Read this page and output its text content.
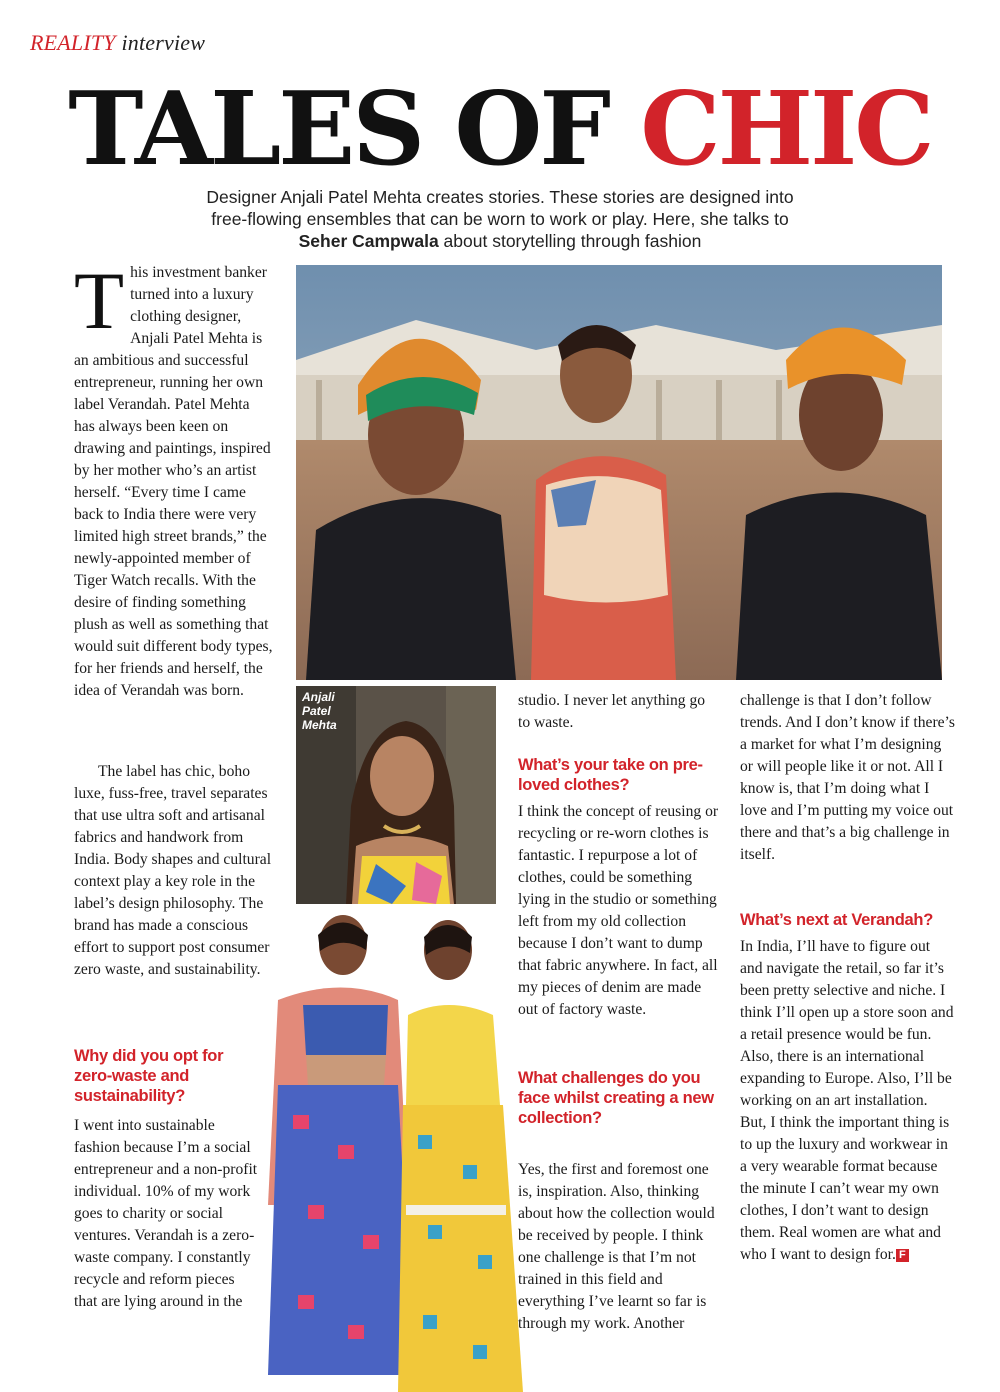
REALITY interview
TALES OF CHIC

Designer Anjali Patel Mehta creates stories. These stories are designed into
free-flowing ensembles that can be worn to work or play. Here, she talks to
Seher Campwala about storytelling through fashion

Anjali
Patel
Mehta
This investment banker turned into a luxury clothing designer, Anjali Patel Mehta is an ambitious and successful entrepreneur, running her own label Verandah. Patel Mehta has always been keen on drawing and paintings, inspired by her mother who’s an artist herself. “Every time I came back to India there were very limited high street brands,” the newly-appointed member of Tiger Watch recalls. With the desire of finding something plush as well as something that would suit different body types, for her friends and herself, the idea of Verandah was born.

The label has chic, boho luxe, fuss-free, travel separates that use ultra soft and artisanal fabrics and handwork from India. Body shapes and cultural context play a key role in the label’s design philosophy. The brand has made a conscious effort to support post consumer zero waste, and sustainability.

Why did you opt for zero-waste and sustainability?

I went into sustainable fashion because I’m a social entrepreneur and a non-profit individual. 10% of my work goes to charity or social ventures. Verandah is a zero-waste company. I constantly recycle and reform pieces that are lying around in the

studio. I never let anything go to waste.

What’s your take on pre-loved clothes?

I think the concept of reusing or recycling or re-worn clothes is fantastic. I repurpose a lot of clothes, could be something lying in the studio or something left from my old collection because I don’t want to dump that fabric anywhere. In fact, all my pieces of denim are made out of factory waste.

What challenges do you face whilst creating a new collection?

Yes, the first and foremost one is, inspiration. Also, thinking about how the collection would be received by people. I think one challenge is that I’m not trained in this field and everything I’ve learnt so far is through my work. Another

challenge is that I don’t follow trends. And I don’t know if there’s a market for what I’m designing or will people like it or not. All I know is, that I’m doing what I love and I’m putting my voice out there and that’s a big challenge in itself.

What’s next at Verandah?

In India, I’ll have to figure out and navigate the retail, so far it’s been pretty selective and niche. I think I’ll open up a store soon and a retail presence would be fun. Also, there is an international expanding to Europe. Also, I’ll be working on an art installation. But, I think the important thing is to up the luxury and workwear in a very wearable format because the minute I can’t wear my own clothes, I don’t want to design them. Real women are what and who I want to design for. F
